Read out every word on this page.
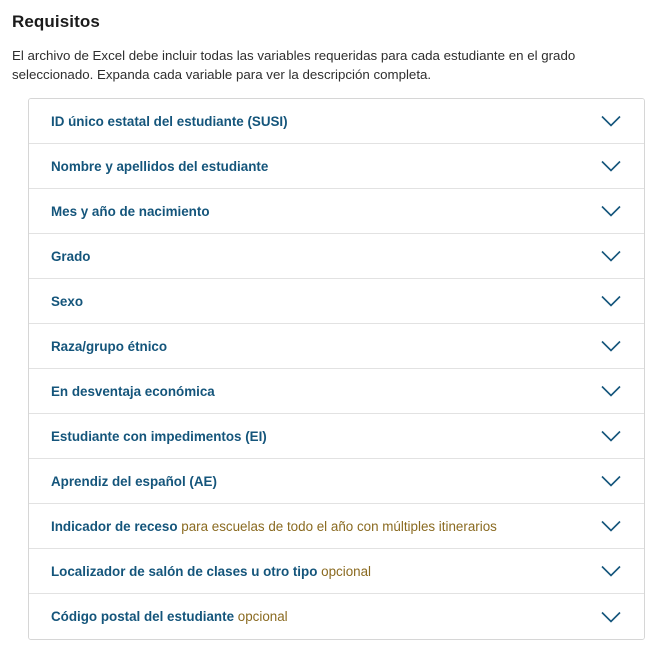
Requisitos

El archivo de Excel debe incluir todas las variables requeridas para cada estudiante en el grado seleccionado. Expanda cada variable para ver la descripción completa.

ID único estatal del estudiante (SUSI)
Nombre y apellidos del estudiante
Mes y año de nacimiento
Grado
Sexo
Raza/grupo étnico
En desventaja económica
Estudiante con impedimentos (EI)
Aprendiz del español (AE)
Indicador de receso para escuelas de todo el año con múltiples itinerarios
Localizador de salón de clases u otro tipo opcional
Código postal del estudiante opcional
